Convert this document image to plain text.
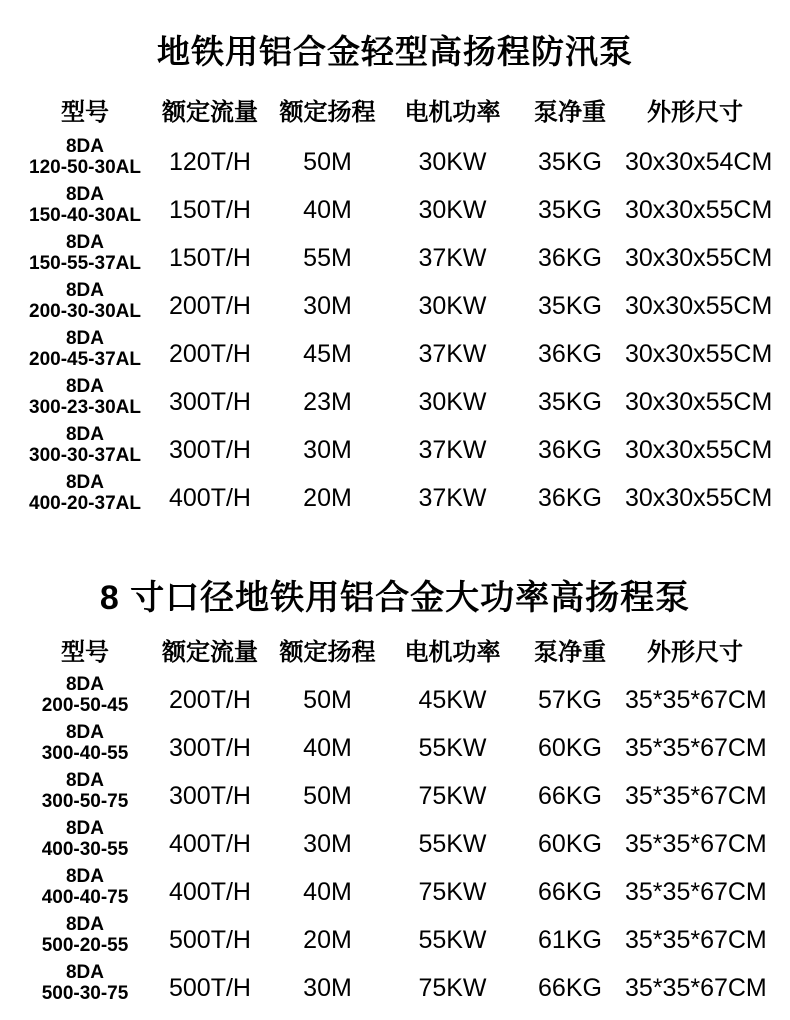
地铁用铝合金轻型高扬程防汛泵
型号	额定流量 额定扬程	电机功率	泵净重	外形尺寸
8DA
120-50-30AL	120T/H	50M	30KW	35KG 30x30x54CM
8DA
150-40-30AL	150T/H	40M	30KW	35KG 30x30x55CM
8DA
150-55-37AL	150T/H	55M	37KW	36KG 30x30x55CM
8DA
200-30-30AL	200T/H	30M	30KW	35KG 30x30x55CM
8DA
200-45-37AL	200T/H	45M	37KW	36KG 30x30x55CM
8DA
300-23-30AL	300T/H	23M	30KW	35KG 30x30x55CM
8DA
300-30-37AL	300T/H	30M	37KW	36KG 30x30x55CM
8DA
400-20-37AL	400T/H	20M	37KW	36KG 30x30x55CM
8 寸口径地铁用铝合金大功率高扬程泵
型号	额定流量 额定扬程	电机功率	泵净重	外形尺寸
8DA
200-50-45	200T/H	50M	45KW	57KG 35*35*67CM
8DA
300-40-55	300T/H	40M	55KW	60KG 35*35*67CM
8DA
300-50-75	300T/H	50M	75KW	66KG 35*35*67CM
8DA
400-30-55	400T/H	30M	55KW	60KG 35*35*67CM
8DA
400-40-75	400T/H	40M	75KW	66KG 35*35*67CM
8DA
500-20-55	500T/H	20M	55KW	61KG 35*35*67CM
8DA
500-30-75	500T/H	30M	75KW	66KG 35*35*67CM
